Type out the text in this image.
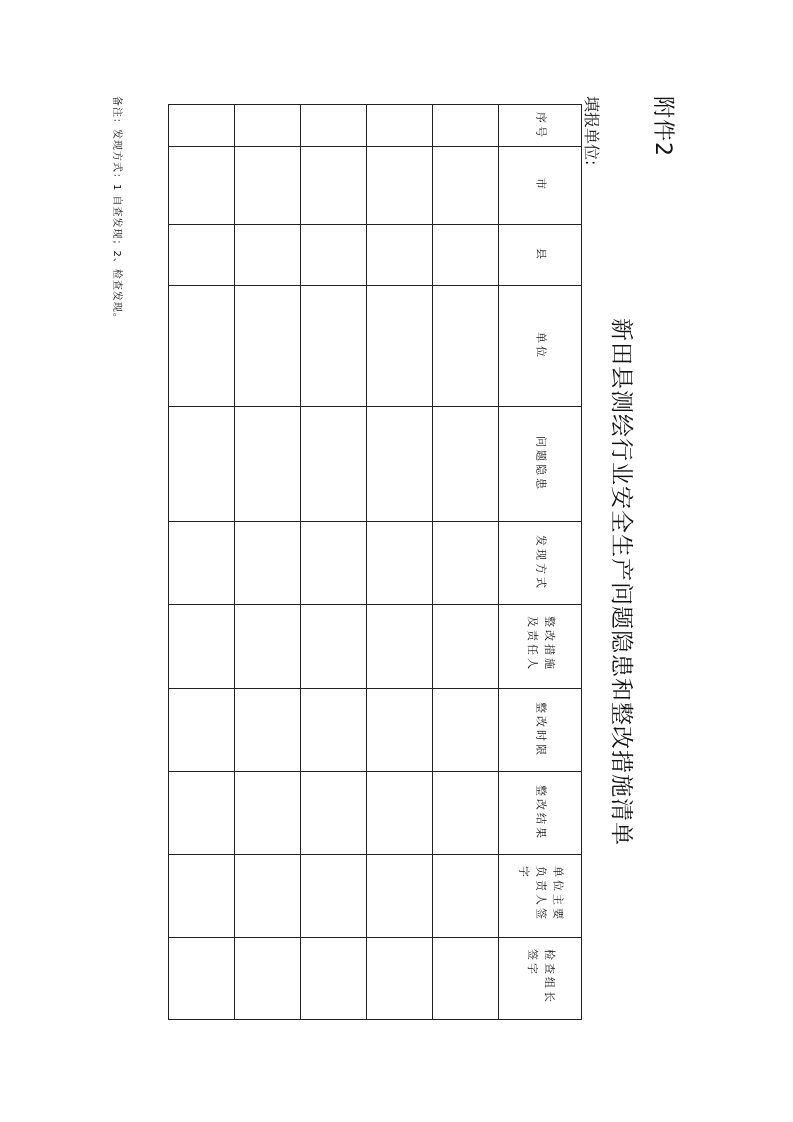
附件2
新田县测绘行业安全生产问题隐患和整改措施清单
填报单位:
序号
市
县
单位
问题隐患
发现方式
整改措施及责任人
整改时限
整改结果
单位主要负责人签字
检查组长签字
备注：发现方式：1 自查发现；2、检查发现。
